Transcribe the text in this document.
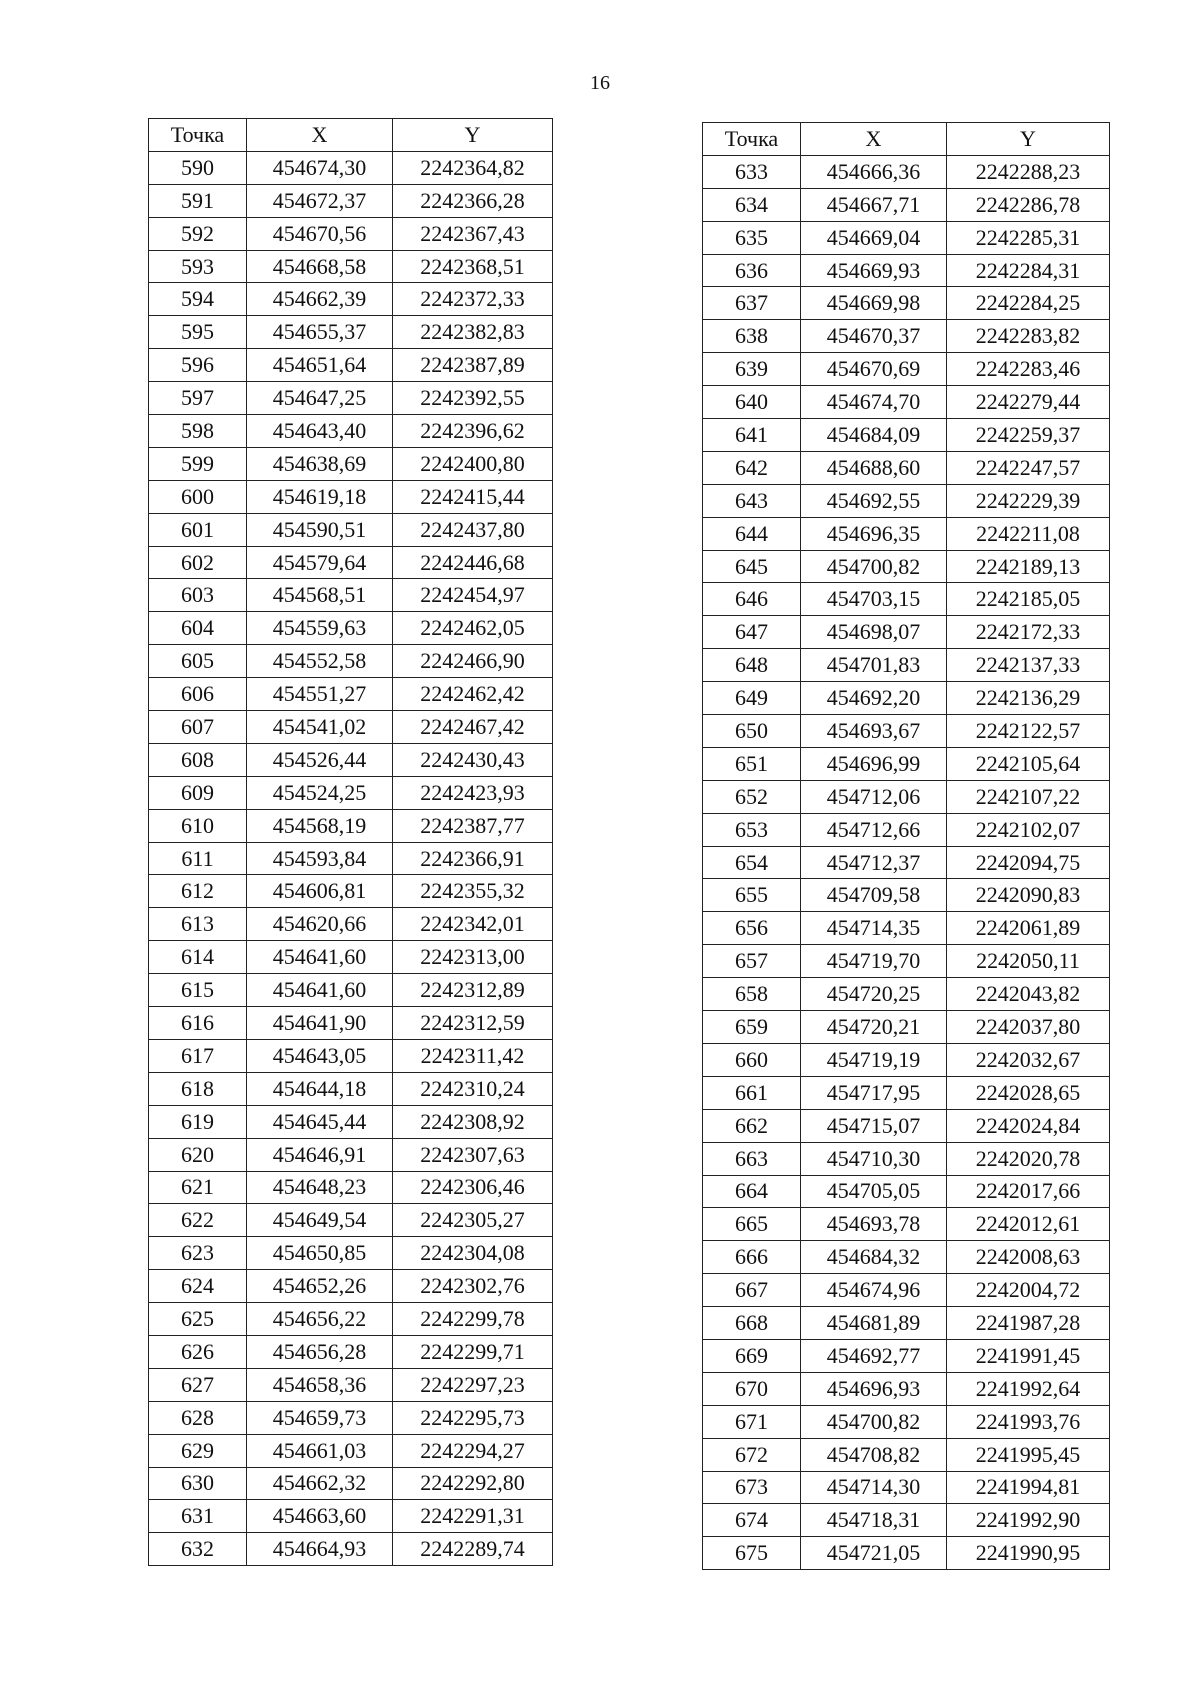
16
Точка	X	Y
590	454674,30	2242364,82
591	454672,37	2242366,28
592	454670,56	2242367,43
593	454668,58	2242368,51
594	454662,39	2242372,33
595	454655,37	2242382,83
596	454651,64	2242387,89
597	454647,25	2242392,55
598	454643,40	2242396,62
599	454638,69	2242400,80
600	454619,18	2242415,44
601	454590,51	2242437,80
602	454579,64	2242446,68
603	454568,51	2242454,97
604	454559,63	2242462,05
605	454552,58	2242466,90
606	454551,27	2242462,42
607	454541,02	2242467,42
608	454526,44	2242430,43
609	454524,25	2242423,93
610	454568,19	2242387,77
611	454593,84	2242366,91
612	454606,81	2242355,32
613	454620,66	2242342,01
614	454641,60	2242313,00
615	454641,60	2242312,89
616	454641,90	2242312,59
617	454643,05	2242311,42
618	454644,18	2242310,24
619	454645,44	2242308,92
620	454646,91	2242307,63
621	454648,23	2242306,46
622	454649,54	2242305,27
623	454650,85	2242304,08
624	454652,26	2242302,76
625	454656,22	2242299,78
626	454656,28	2242299,71
627	454658,36	2242297,23
628	454659,73	2242295,73
629	454661,03	2242294,27
630	454662,32	2242292,80
631	454663,60	2242291,31
632	454664,93	2242289,74
Точка	X	Y
633	454666,36	2242288,23
634	454667,71	2242286,78
635	454669,04	2242285,31
636	454669,93	2242284,31
637	454669,98	2242284,25
638	454670,37	2242283,82
639	454670,69	2242283,46
640	454674,70	2242279,44
641	454684,09	2242259,37
642	454688,60	2242247,57
643	454692,55	2242229,39
644	454696,35	2242211,08
645	454700,82	2242189,13
646	454703,15	2242185,05
647	454698,07	2242172,33
648	454701,83	2242137,33
649	454692,20	2242136,29
650	454693,67	2242122,57
651	454696,99	2242105,64
652	454712,06	2242107,22
653	454712,66	2242102,07
654	454712,37	2242094,75
655	454709,58	2242090,83
656	454714,35	2242061,89
657	454719,70	2242050,11
658	454720,25	2242043,82
659	454720,21	2242037,80
660	454719,19	2242032,67
661	454717,95	2242028,65
662	454715,07	2242024,84
663	454710,30	2242020,78
664	454705,05	2242017,66
665	454693,78	2242012,61
666	454684,32	2242008,63
667	454674,96	2242004,72
668	454681,89	2241987,28
669	454692,77	2241991,45
670	454696,93	2241992,64
671	454700,82	2241993,76
672	454708,82	2241995,45
673	454714,30	2241994,81
674	454718,31	2241992,90
675	454721,05	2241990,95
